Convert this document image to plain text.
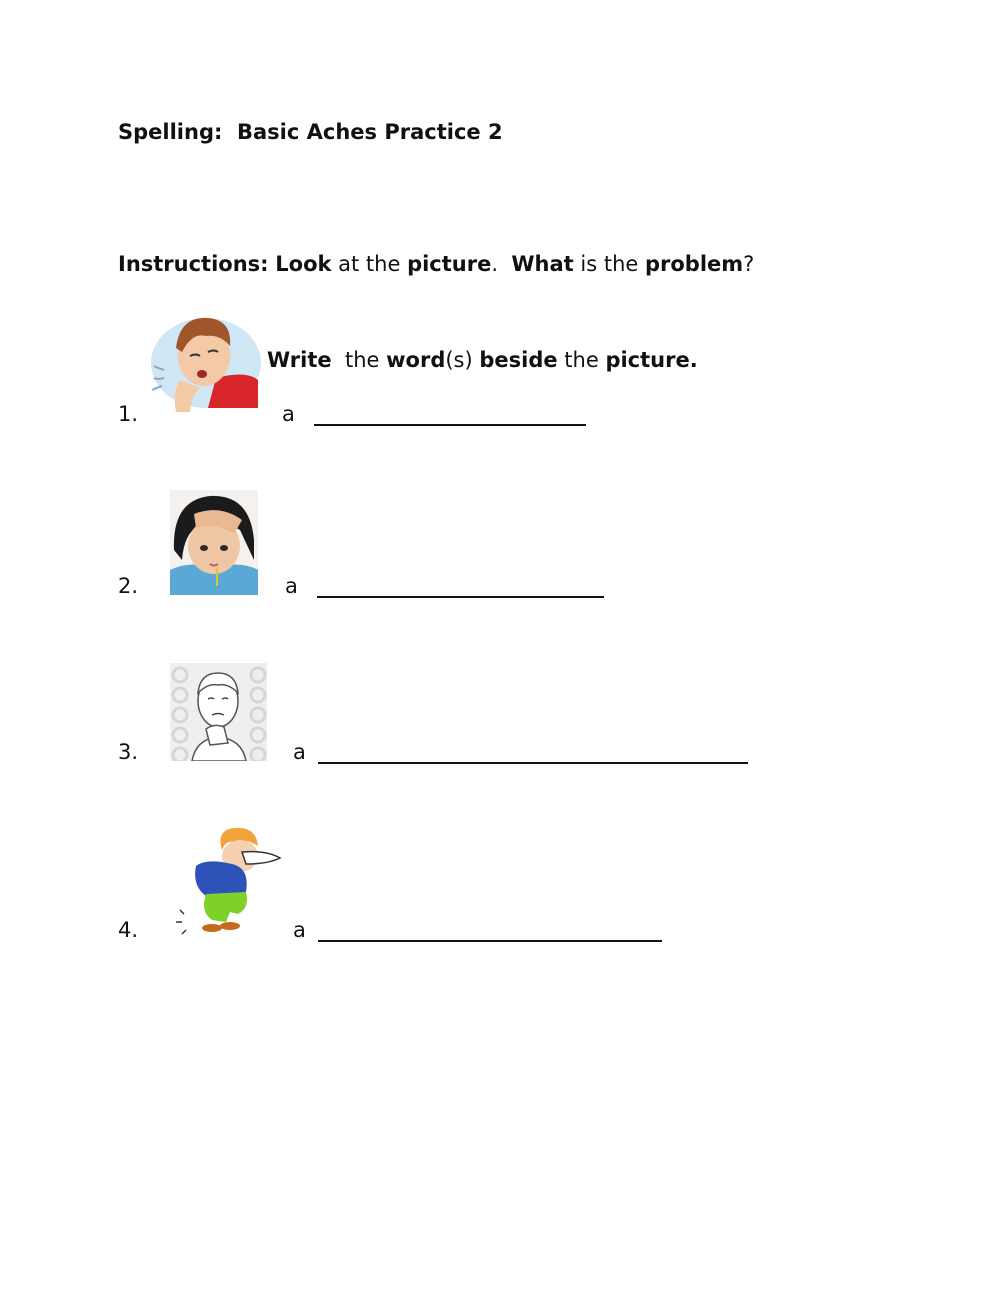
Spelling:  Basic Aches Practice 2

Instructions: Look at the picture.  What is the problem?

Write  the word(s) beside the picture.

1.	a
2.	a
3.	a
4.	a
